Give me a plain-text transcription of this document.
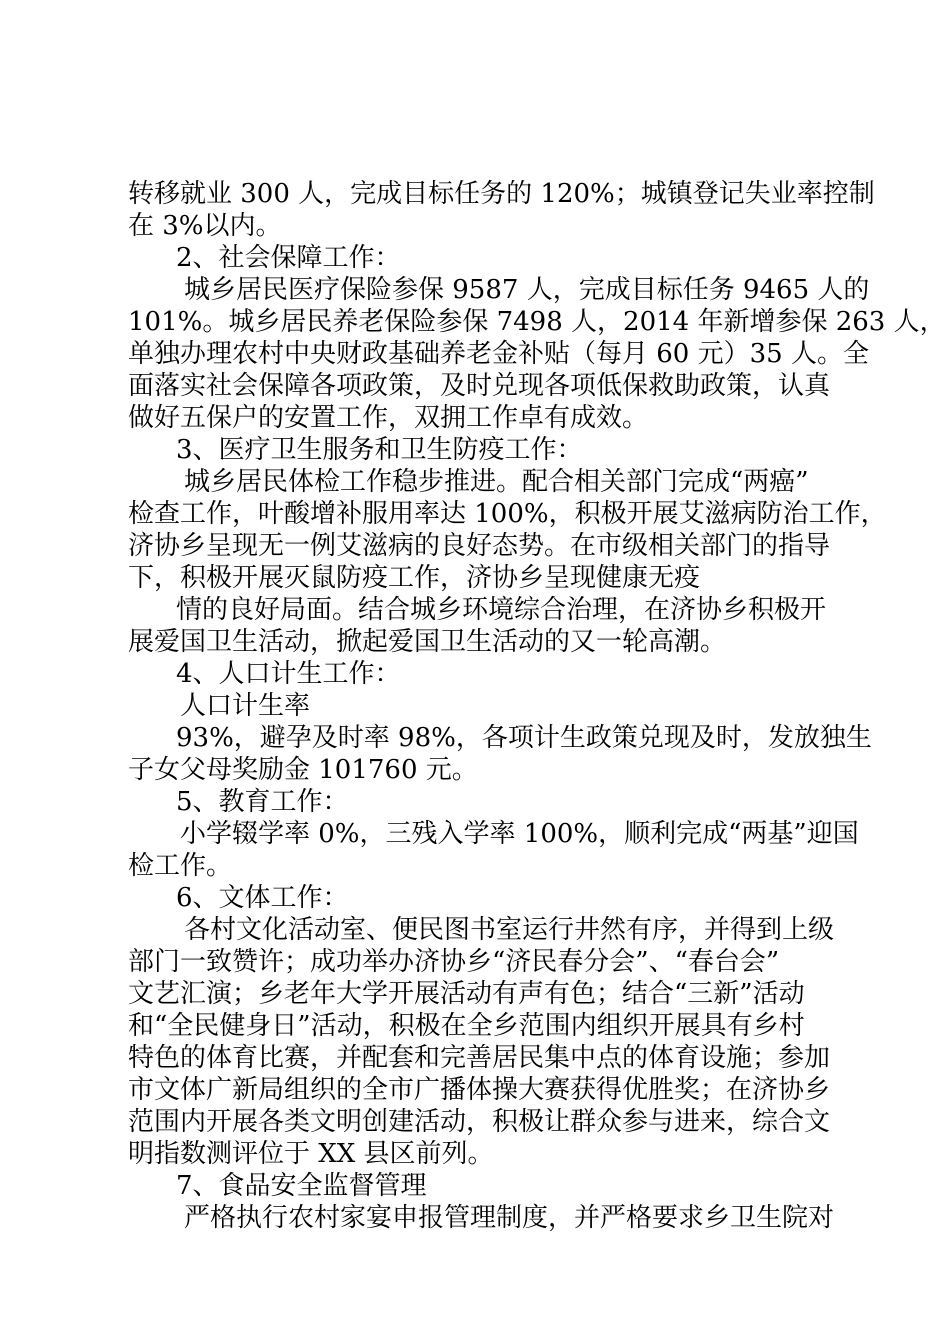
转移就业 300 人，完成目标任务的 120%；城镇登记失业率控制
在 3%以内。
2、社会保障工作：
城乡居民医疗保险参保 9587 人，完成目标任务 9465 人的
101%。城乡居民养老保险参保 7498 人，2014 年新增参保 263 人，
单独办理农村中央财政基础养老金补贴（每月 60 元）35 人。全
面落实社会保障各项政策，及时兑现各项低保救助政策，认真
做好五保户的安置工作，双拥工作卓有成效。
3、医疗卫生服务和卫生防疫工作：
城乡居民体检工作稳步推进。配合相关部门完成“两癌”
检查工作，叶酸增补服用率达 100%，积极开展艾滋病防治工作，
济协乡呈现无一例艾滋病的良好态势。在市级相关部门的指导
下，积极开展灭鼠防疫工作，济协乡呈现健康无疫
情的良好局面。结合城乡环境综合治理，在济协乡积极开
展爱国卫生活动，掀起爱国卫生活动的又一轮高潮。
4、人口计生工作：
人口计生率
93%，避孕及时率 98%，各项计生政策兑现及时，发放独生
子女父母奖励金 101760 元。
5、教育工作：
小学辍学率 0%，三残入学率 100%，顺利完成“两基”迎国
检工作。
6、文体工作：
各村文化活动室、便民图书室运行井然有序，并得到上级
部门一致赞许；成功举办济协乡“济民春分会”、“春台会”
文艺汇演；乡老年大学开展活动有声有色；结合“三新”活动
和“全民健身日”活动，积极在全乡范围内组织开展具有乡村
特色的体育比赛，并配套和完善居民集中点的体育设施；参加
市文体广新局组织的全市广播体操大赛获得优胜奖；在济协乡
范围内开展各类文明创建活动，积极让群众参与进来，综合文
明指数测评位于 XX 县区前列。
7、食品安全监督管理
严格执行农村家宴申报管理制度，并严格要求乡卫生院对
